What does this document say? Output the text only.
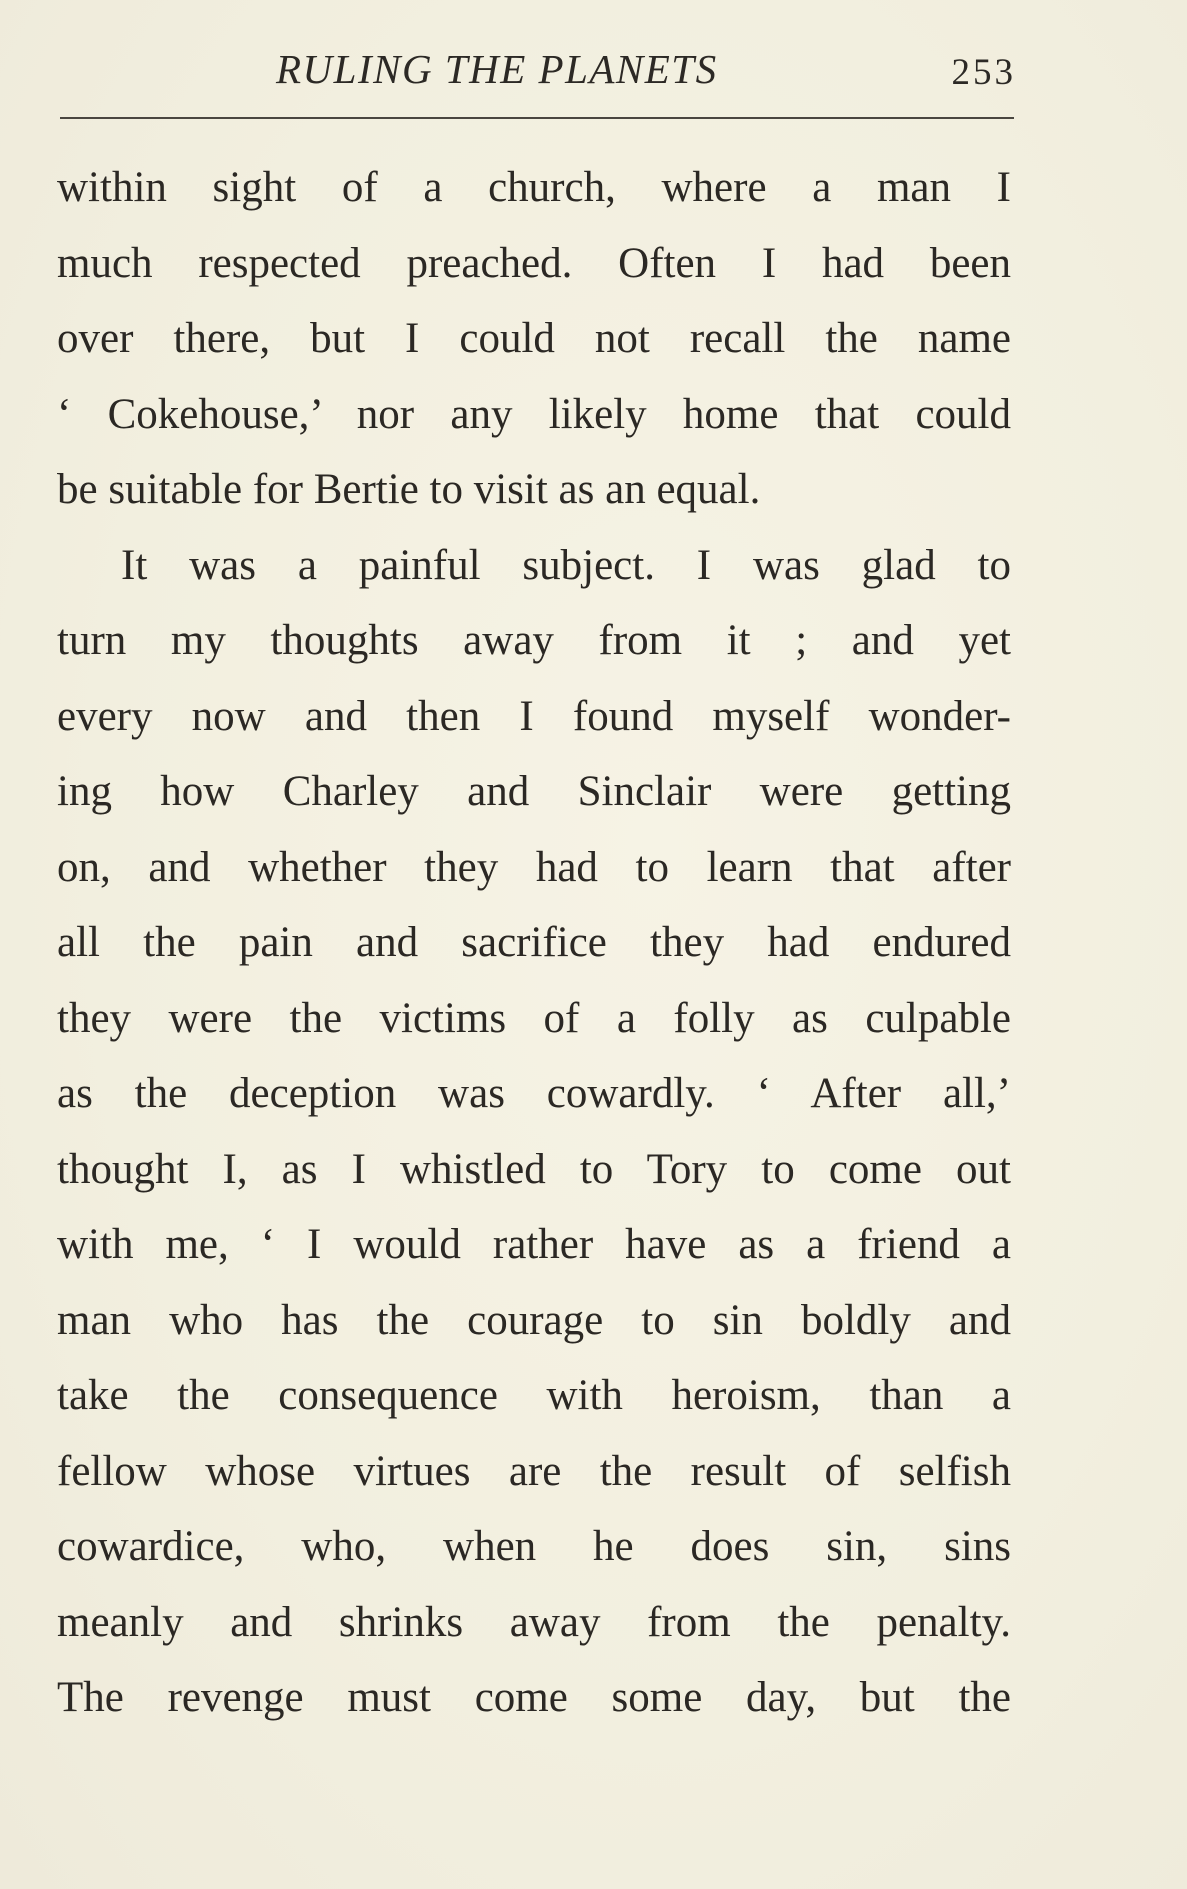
RULING THE PLANETS	253
within sight of a church, where a man I
much respected preached. Often I had been
over there, but I could not recall the name
‘ Cokehouse,’ nor any likely home that could
be suitable for Bertie to visit as an equal.
It was a painful subject. I was glad to
turn my thoughts away from it ; and yet
every now and then I found myself wonder-
ing how Charley and Sinclair were getting
on, and whether they had to learn that after
all the pain and sacrifice they had endured
they were the victims of a folly as culpable
as the deception was cowardly. ‘ After all,’
thought I, as I whistled to Tory to come out
with me, ‘ I would rather have as a friend a
man who has the courage to sin boldly and
take the consequence with heroism, than a
fellow whose virtues are the result of selfish
cowardice, who, when he does sin, sins
meanly and shrinks away from the penalty.
The revenge must come some day, but the
